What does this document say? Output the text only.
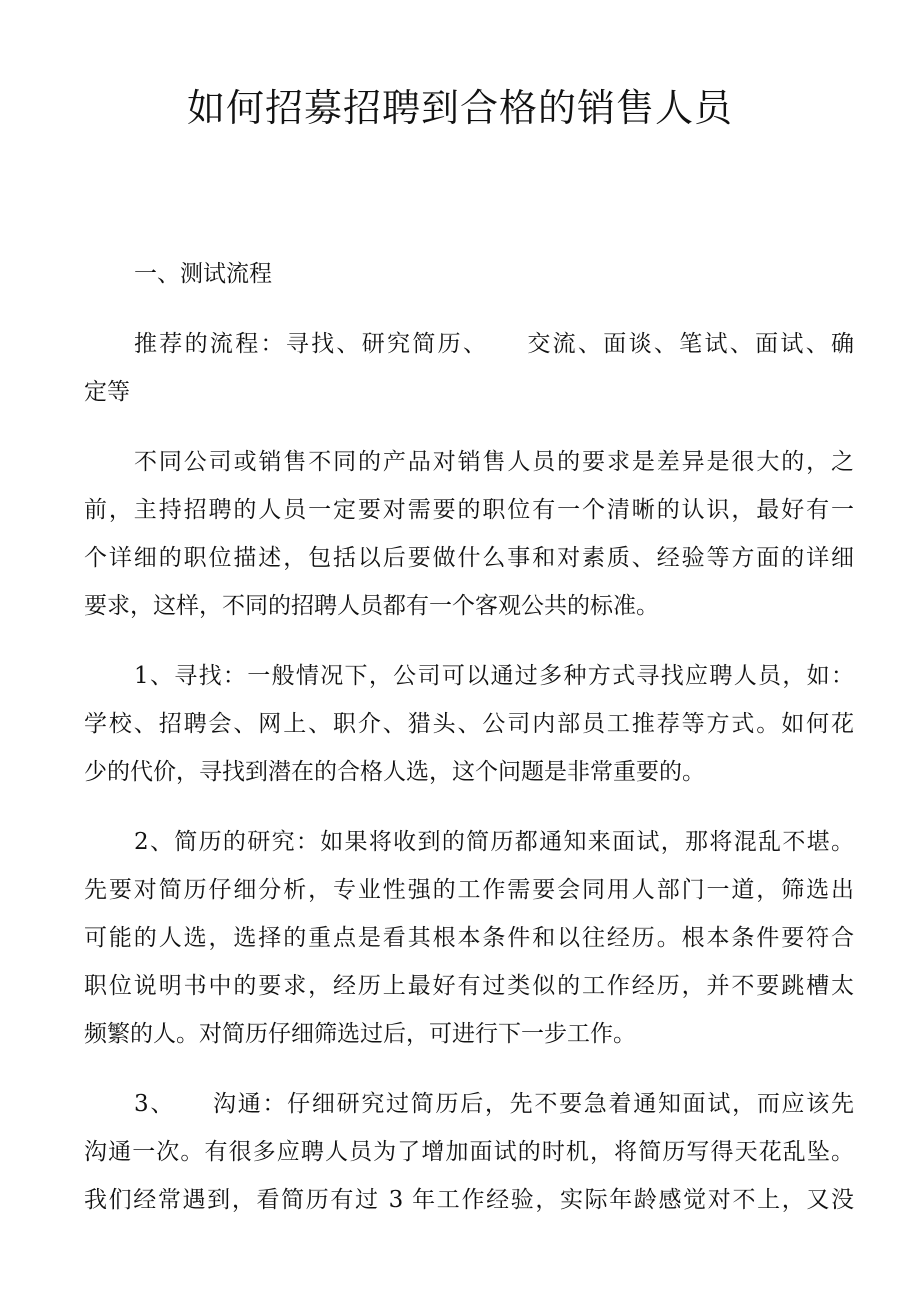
如何招募招聘到合格的销售人员

一、测试流程

推荐的流程：寻找、研究简历、　　交流、面谈、笔试、面试、确

定等

不同公司或销售不同的产品对销售人员的要求是差异是很大的，之

前，主持招聘的人员一定要对需要的职位有一个清晰的认识，最好有一

个详细的职位描述，包括以后要做什么事和对素质、经验等方面的详细

要求，这样，不同的招聘人员都有一个客观公共的标准。

1、寻找：一般情况下，公司可以通过多种方式寻找应聘人员，如：

学校、招聘会、网上、职介、猎头、公司内部员工推荐等方式。如何花

少的代价，寻找到潜在的合格人选，这个问题是非常重要的。

2、简历的研究：如果将收到的简历都通知来面试，那将混乱不堪。

先要对简历仔细分析，专业性强的工作需要会同用人部门一道，筛选出

可能的人选，选择的重点是看其根本条件和以往经历。根本条件要符合

职位说明书中的要求，经历上最好有过类似的工作经历，并不要跳槽太

频繁的人。对简历仔细筛选过后，可进行下一步工作。

3、　　沟通：仔细研究过简历后，先不要急着通知面试，而应该先

沟通一次。有很多应聘人员为了增加面试的时机，将简历写得天花乱坠。

我们经常遇到，看简历有过 3 年工作经验，实际年龄感觉对不上，又没
